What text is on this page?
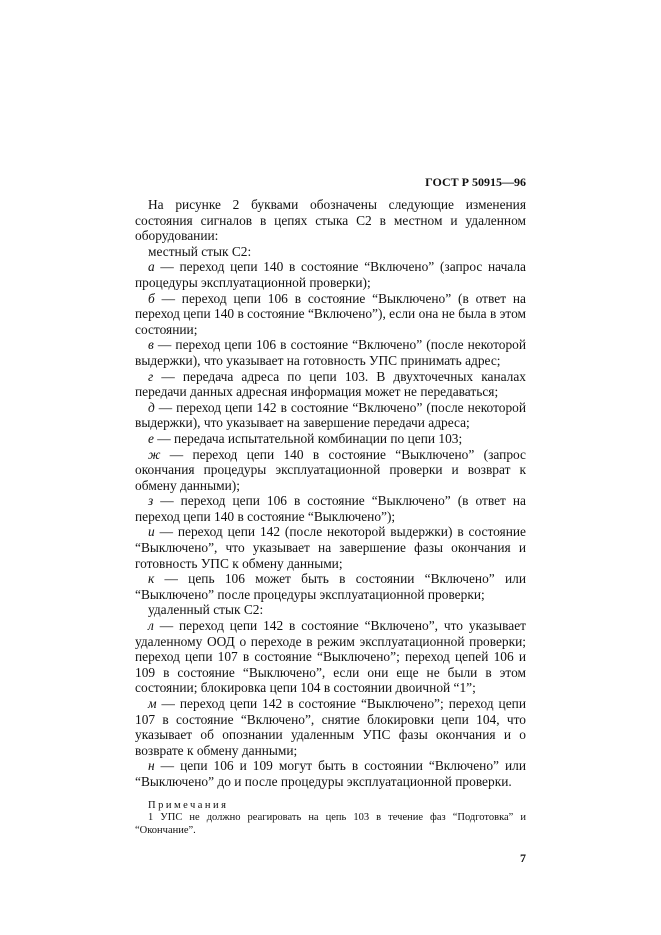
ГОСТ Р 50915—96

На рисунке 2 буквами обозначены следующие изменения состояния сигналов в цепях стыка С2 в местном и удаленном оборудовании:

местный стык С2:

а — переход цепи 140 в состояние “Включено” (запрос начала процедуры эксплуатационной проверки);

б — переход цепи 106 в состояние “Выключено” (в ответ на переход цепи 140 в состояние “Включено”), если она не была в этом состоянии;

в — переход цепи 106 в состояние “Включено” (после некоторой выдержки), что указывает на готовность УПС принимать адрес;

г — передача адреса по цепи 103. В двухточечных каналах передачи данных адресная информация может не передаваться;

д — переход цепи 142 в состояние “Включено” (после некоторой выдержки), что указывает на завершение передачи адреса;

е — передача испытательной комбинации по цепи 103;

ж — переход цепи 140 в состояние “Выключено” (запрос окончания процедуры эксплуатационной проверки и возврат к обмену данными);

з — переход цепи 106 в состояние “Выключено” (в ответ на переход цепи 140 в состояние “Выключено”);

и — переход цепи 142 (после некоторой выдержки) в состояние “Выключено”, что указывает на завершение фазы окончания и готовность УПС к обмену данными;

к — цепь 106 может быть в состоянии “Включено” или “Выключено” после процедуры эксплуатационной проверки;

удаленный стык С2:

л — переход цепи 142 в состояние “Включено”, что указывает удаленному ООД о переходе в режим эксплуатационной проверки; переход цепи 107 в состояние “Выключено”; переход цепей 106 и 109 в состояние “Выключено”, если они еще не были в этом состоянии; блокировка цепи 104 в состоянии двоичной “1”;

м — переход цепи 142 в состояние “Выключено”; переход цепи 107 в состояние “Включено”, снятие блокировки цепи 104, что указывает об опознании удаленным УПС фазы окончания и о возврате к обмену данными;

н — цепи 106 и 109 могут быть в состоянии “Включено” или “Выключено” до и после процедуры эксплуатационной проверки.

Примечания

1 УПС не должно реагировать на цепь 103 в течение фаз “Подготовка” и “Окончание”.

7
